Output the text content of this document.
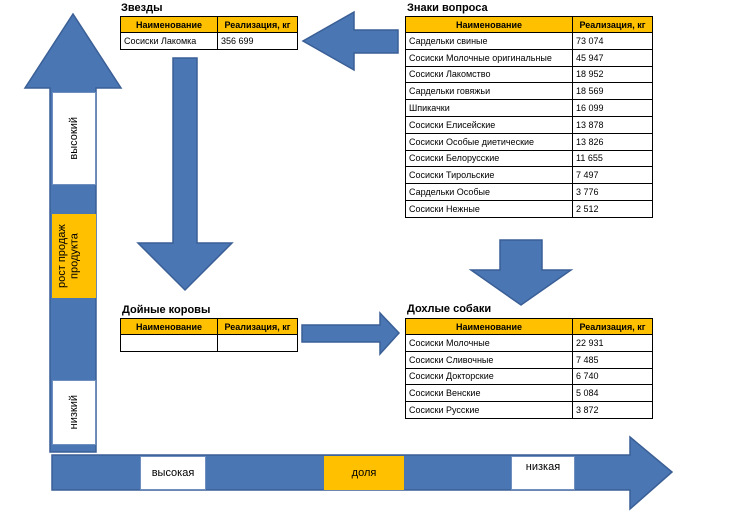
высокий
рост продаж продукта
низкий
высокая	доля	низкая
Звезды
Наименование	Реализация, кг
Сосиски Лакомка	356 699
Знаки вопроса
Наименование	Реализация, кг
Сардельки свиные	73 074
Сосиски Молочные оригинальные	45 947
Сосиски Лакомство	18 952
Сардельки говяжьи	18 569
Шпикачки	16 099
Сосиски Елисейские	13 878
Сосиски Особые диетические	13 826
Сосиски Белорусские	11 655
Сосиски Тирольские	7 497
Сардельки Особые	3 776
Сосиски Нежные	2 512
Дойные коровы
Наименование	Реализация, кг

Дохлые собаки
Наименование	Реализация, кг
Сосиски Молочные	22 931
Сосиски Сливочные	7 485
Сосиски Докторские	6 740
Сосиски Венские	5 084
Сосиски Русские	3 872
